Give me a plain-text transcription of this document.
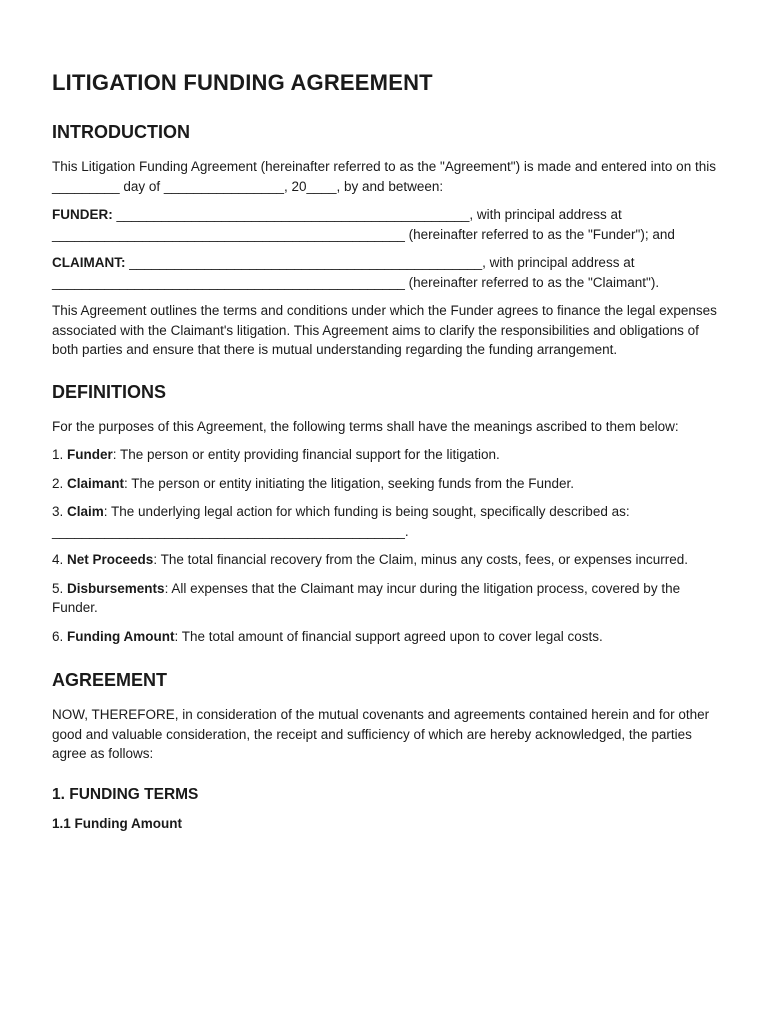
LITIGATION FUNDING AGREEMENT
INTRODUCTION

This Litigation Funding Agreement (hereinafter referred to as the "Agreement") is made and entered into on this _________ day of ________________, 20____, by and between:

FUNDER: _______________________________________________, with principal address at _______________________________________________ (hereinafter referred to as the "Funder"); and

CLAIMANT: _______________________________________________, with principal address at _______________________________________________ (hereinafter referred to as the "Claimant").

This Agreement outlines the terms and conditions under which the Funder agrees to finance the legal expenses associated with the Claimant's litigation. This Agreement aims to clarify the responsibilities and obligations of both parties and ensure that there is mutual understanding regarding the funding arrangement.

DEFINITIONS

For the purposes of this Agreement, the following terms shall have the meanings ascribed to them below:

1. Funder: The person or entity providing financial support for the litigation.

2. Claimant: The person or entity initiating the litigation, seeking funds from the Funder.

3. Claim: The underlying legal action for which funding is being sought, specifically described as: _______________________________________________.

4. Net Proceeds: The total financial recovery from the Claim, minus any costs, fees, or expenses incurred.

5. Disbursements: All expenses that the Claimant may incur during the litigation process, covered by the Funder.

6. Funding Amount: The total amount of financial support agreed upon to cover legal costs.

AGREEMENT

NOW, THEREFORE, in consideration of the mutual covenants and agreements contained herein and for other good and valuable consideration, the receipt and sufficiency of which are hereby acknowledged, the parties agree as follows:

1. FUNDING TERMS
1.1 Funding Amount
